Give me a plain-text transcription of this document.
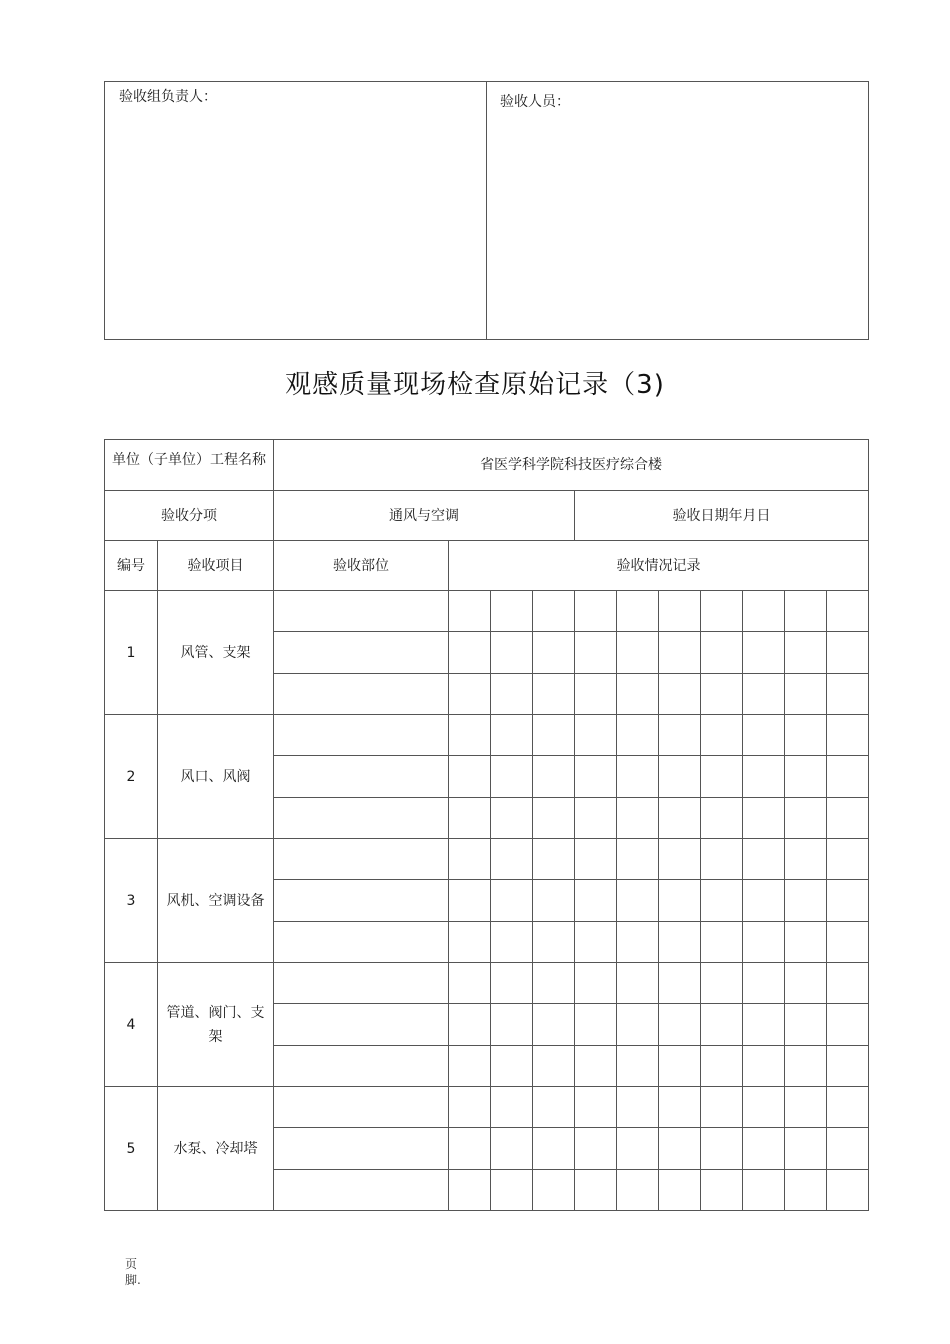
验收组负责人：	验收人员：
观感质量现场检查原始记录（3)
单位（子单位）工程名称		省医学科学院科技医疗综合楼										
验收分项		通风与空调				验收日期年月日						
编号	验收项目	验收部位	验收情况记录									
1	风管、支架											

2	风口、风阀											

3	风机、空调设备											

4	管道、阀门、支架											

5	水泵、冷却塔											

页
脚.
